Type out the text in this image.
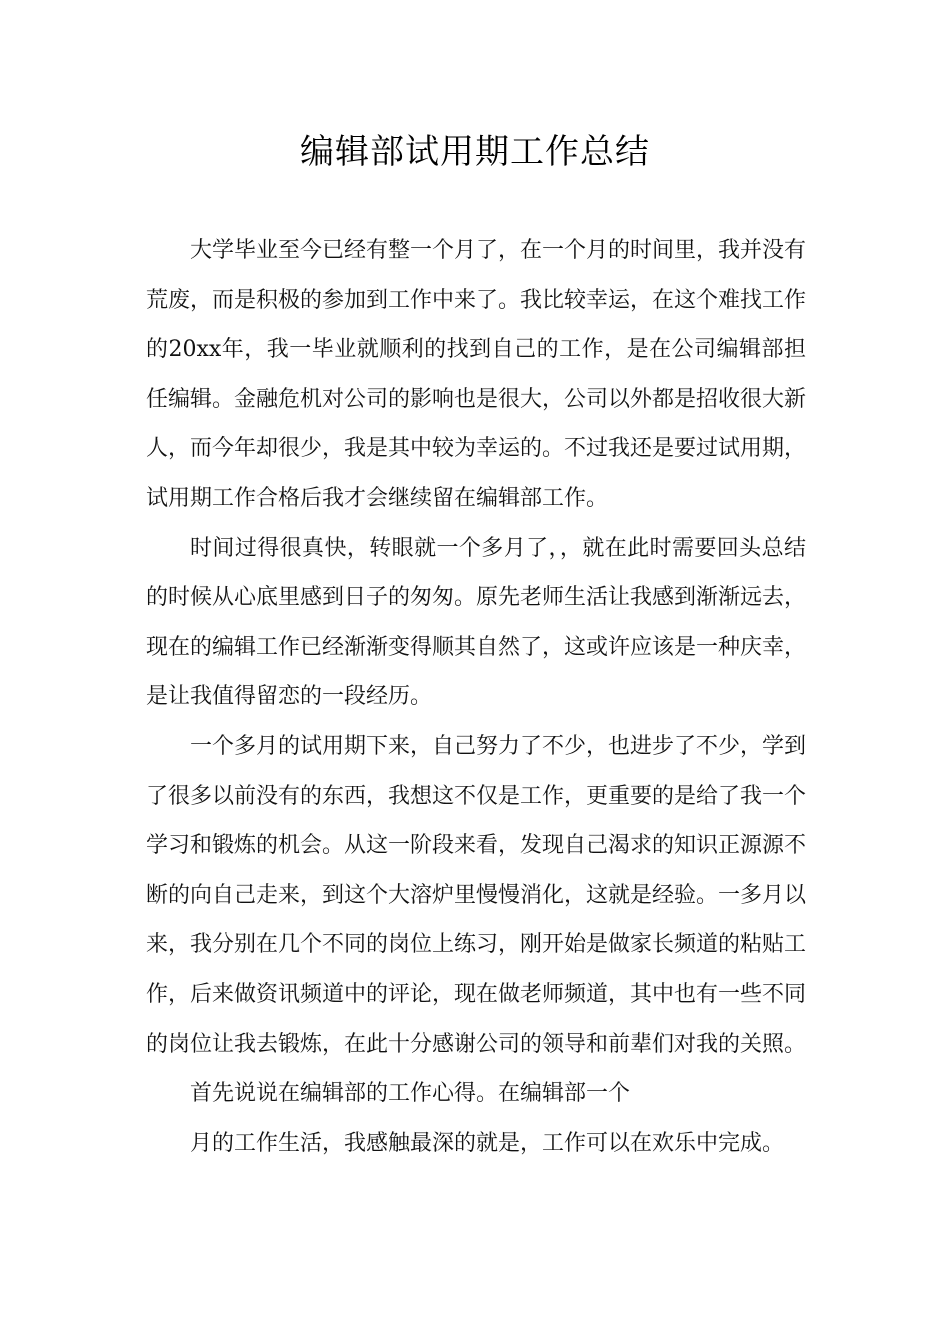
编辑部试用期工作总结

大学毕业至今已经有整一个月了，在一个月的时间里，我并没有荒废，而是积极的参加到工作中来了。我比较幸运，在这个难找工作的20xx年，我一毕业就顺利的找到自己的工作，是在公司编辑部担任编辑。金融危机对公司的影响也是很大，公司以外都是招收很大新人，而今年却很少，我是其中较为幸运的。不过我还是要过试用期，试用期工作合格后我才会继续留在编辑部工作。

时间过得很真快，转眼就一个多月了，，就在此时需要回头总结的时候从心底里感到日子的匆匆。原先老师生活让我感到渐渐远去，现在的编辑工作已经渐渐变得顺其自然了，这或许应该是一种庆幸，是让我值得留恋的一段经历。

一个多月的试用期下来，自己努力了不少，也进步了不少，学到了很多以前没有的东西，我想这不仅是工作，更重要的是给了我一个学习和锻炼的机会。从这一阶段来看，发现自己渴求的知识正源源不断的向自己走来，到这个大溶炉里慢慢消化，这就是经验。一多月以来，我分别在几个不同的岗位上练习，刚开始是做家长频道的粘贴工作，后来做资讯频道中的评论，现在做老师频道，其中也有一些不同的岗位让我去锻炼，在此十分感谢公司的领导和前辈们对我的关照。

首先说说在编辑部的工作心得。在编辑部一个

月的工作生活，我感触最深的就是，工作可以在欢乐中完成。
